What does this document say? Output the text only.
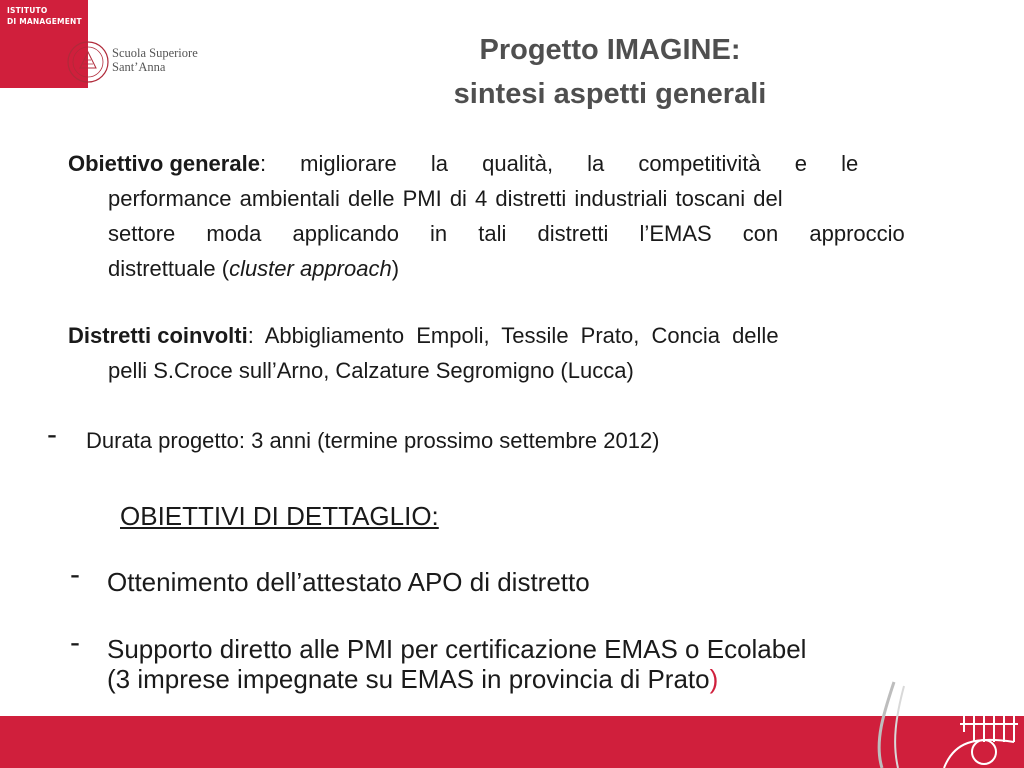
ISTITUTO
DI MANAGEMENT
Scuola Superiore
Sant’Anna
Progetto IMAGINE:
sintesi aspetti generali
Obiettivo generale: migliorare la qualità, la competitività e le
performance ambientali delle PMI di 4 distretti industriali toscani del
settore moda applicando in tali distretti l’EMAS con approccio
distrettuale (cluster approach)
Distretti coinvolti: Abbigliamento Empoli, Tessile Prato, Concia delle
pelli S.Croce sull’Arno, Calzature Segromigno (Lucca)
- Durata progetto: 3 anni (termine prossimo settembre 2012)
OBIETTIVI DI DETTAGLIO:
- Ottenimento dell’attestato APO di distretto
- Supporto diretto alle PMI per certificazione EMAS o Ecolabel
(3 imprese impegnate su EMAS in provincia di Prato)
